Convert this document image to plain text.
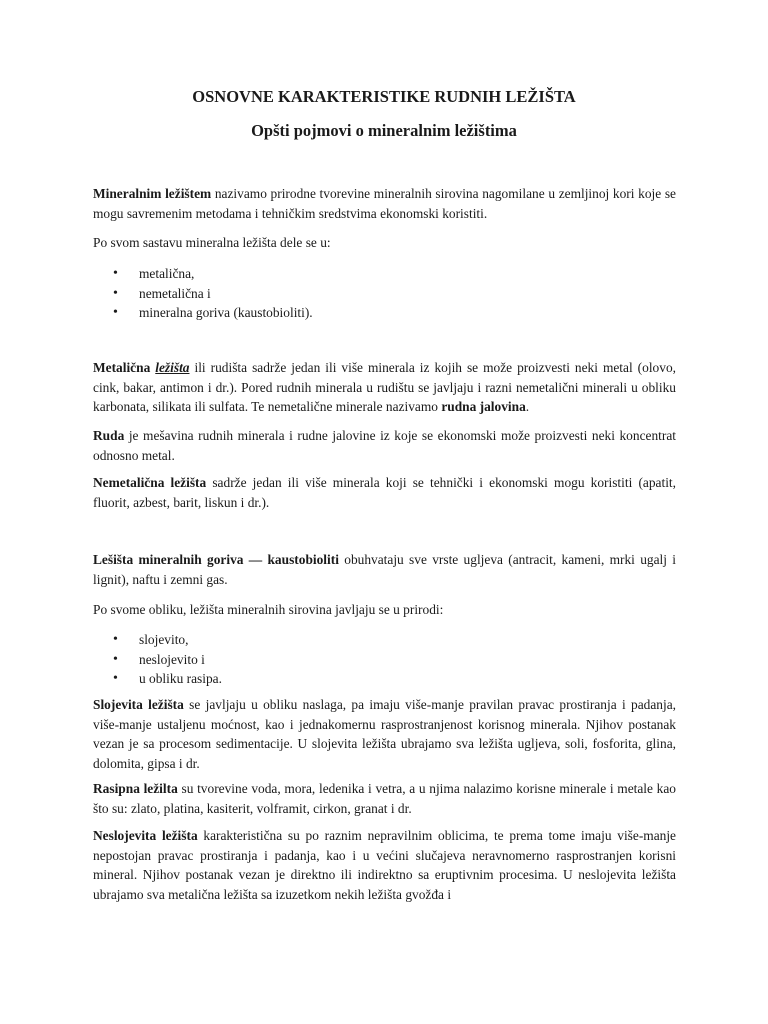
OSNOVNE KARAKTERISTIKE RUDNIH LEŽIŠTA
Opšti pojmovi o mineralnim ležištima

Mineralnim ležištem nazivamo prirodne tvorevine mineralnih sirovina nagomilane u zemljinoj kori koje se mogu savremenim metodama i tehničkim sredstvima ekonomski koristiti.

Po svom sastavu mineralna ležišta dele se u:

• metalična,
• nemetalična i
• mineralna goriva (kaustobioliti).

Metalična ležišta ili rudišta sadrže jedan ili više minerala iz kojih se može proizvesti neki metal (olovo, cink, bakar, antimon i dr.). Pored rudnih minerala u rudištu se javljaju i razni nemetalični minerali u obliku karbonata, silikata ili sulfata. Te nemetalične minerale nazivamo rudna jalovina.

Ruda je mešavina rudnih minerala i rudne jalovine iz koje se ekonomski može proizvesti neki koncentrat odnosno metal.

Nemetalična ležišta sadrže jedan ili više minerala koji se tehnički i ekonomski mogu koristiti (apatit, fluorit, azbest, barit, liskun i dr.).

Lešišta mineralnih goriva — kaustobioliti obuhvataju sve vrste ugljeva (antracit, kameni, mrki ugalj i lignit), naftu i zemni gas.

Po svome obliku, ležišta mineralnih sirovina javljaju se u prirodi:

• slojevito,
• neslojevito i
• u obliku rasipa.

Slojevita ležišta se javljaju u obliku naslaga, pa imaju više-manje pravilan pravac prostiranja i padanja, više-manje ustaljenu moćnost, kao i jednakomernu rasprostranjenost korisnog minerala. Njihov postanak vezan je sa procesom sedimentacije. U slojevita ležišta ubrajamo sva ležišta ugljeva, soli, fosforita, glina, dolomita, gipsa i dr.

Rasipna ležilta su tvorevine voda, mora, ledenika i vetra, a u njima nalazimo korisne minerale i metale kao što su: zlato, platina, kasiterit, volframit, cirkon, granat i dr.

Neslojevita ležišta karakteristična su po raznim nepravilnim oblicima, te prema tome imaju više-manje nepostojan pravac prostiranja i padanja, kao i u većini slučajeva neravnomerno rasprostranjen korisni mineral. Njihov postanak vezan je direktno ili indirektno sa eruptivnim procesima. U neslojevita ležišta ubrajamo sva metalična ležišta sa izuzetkom nekih ležišta gvožđa i
